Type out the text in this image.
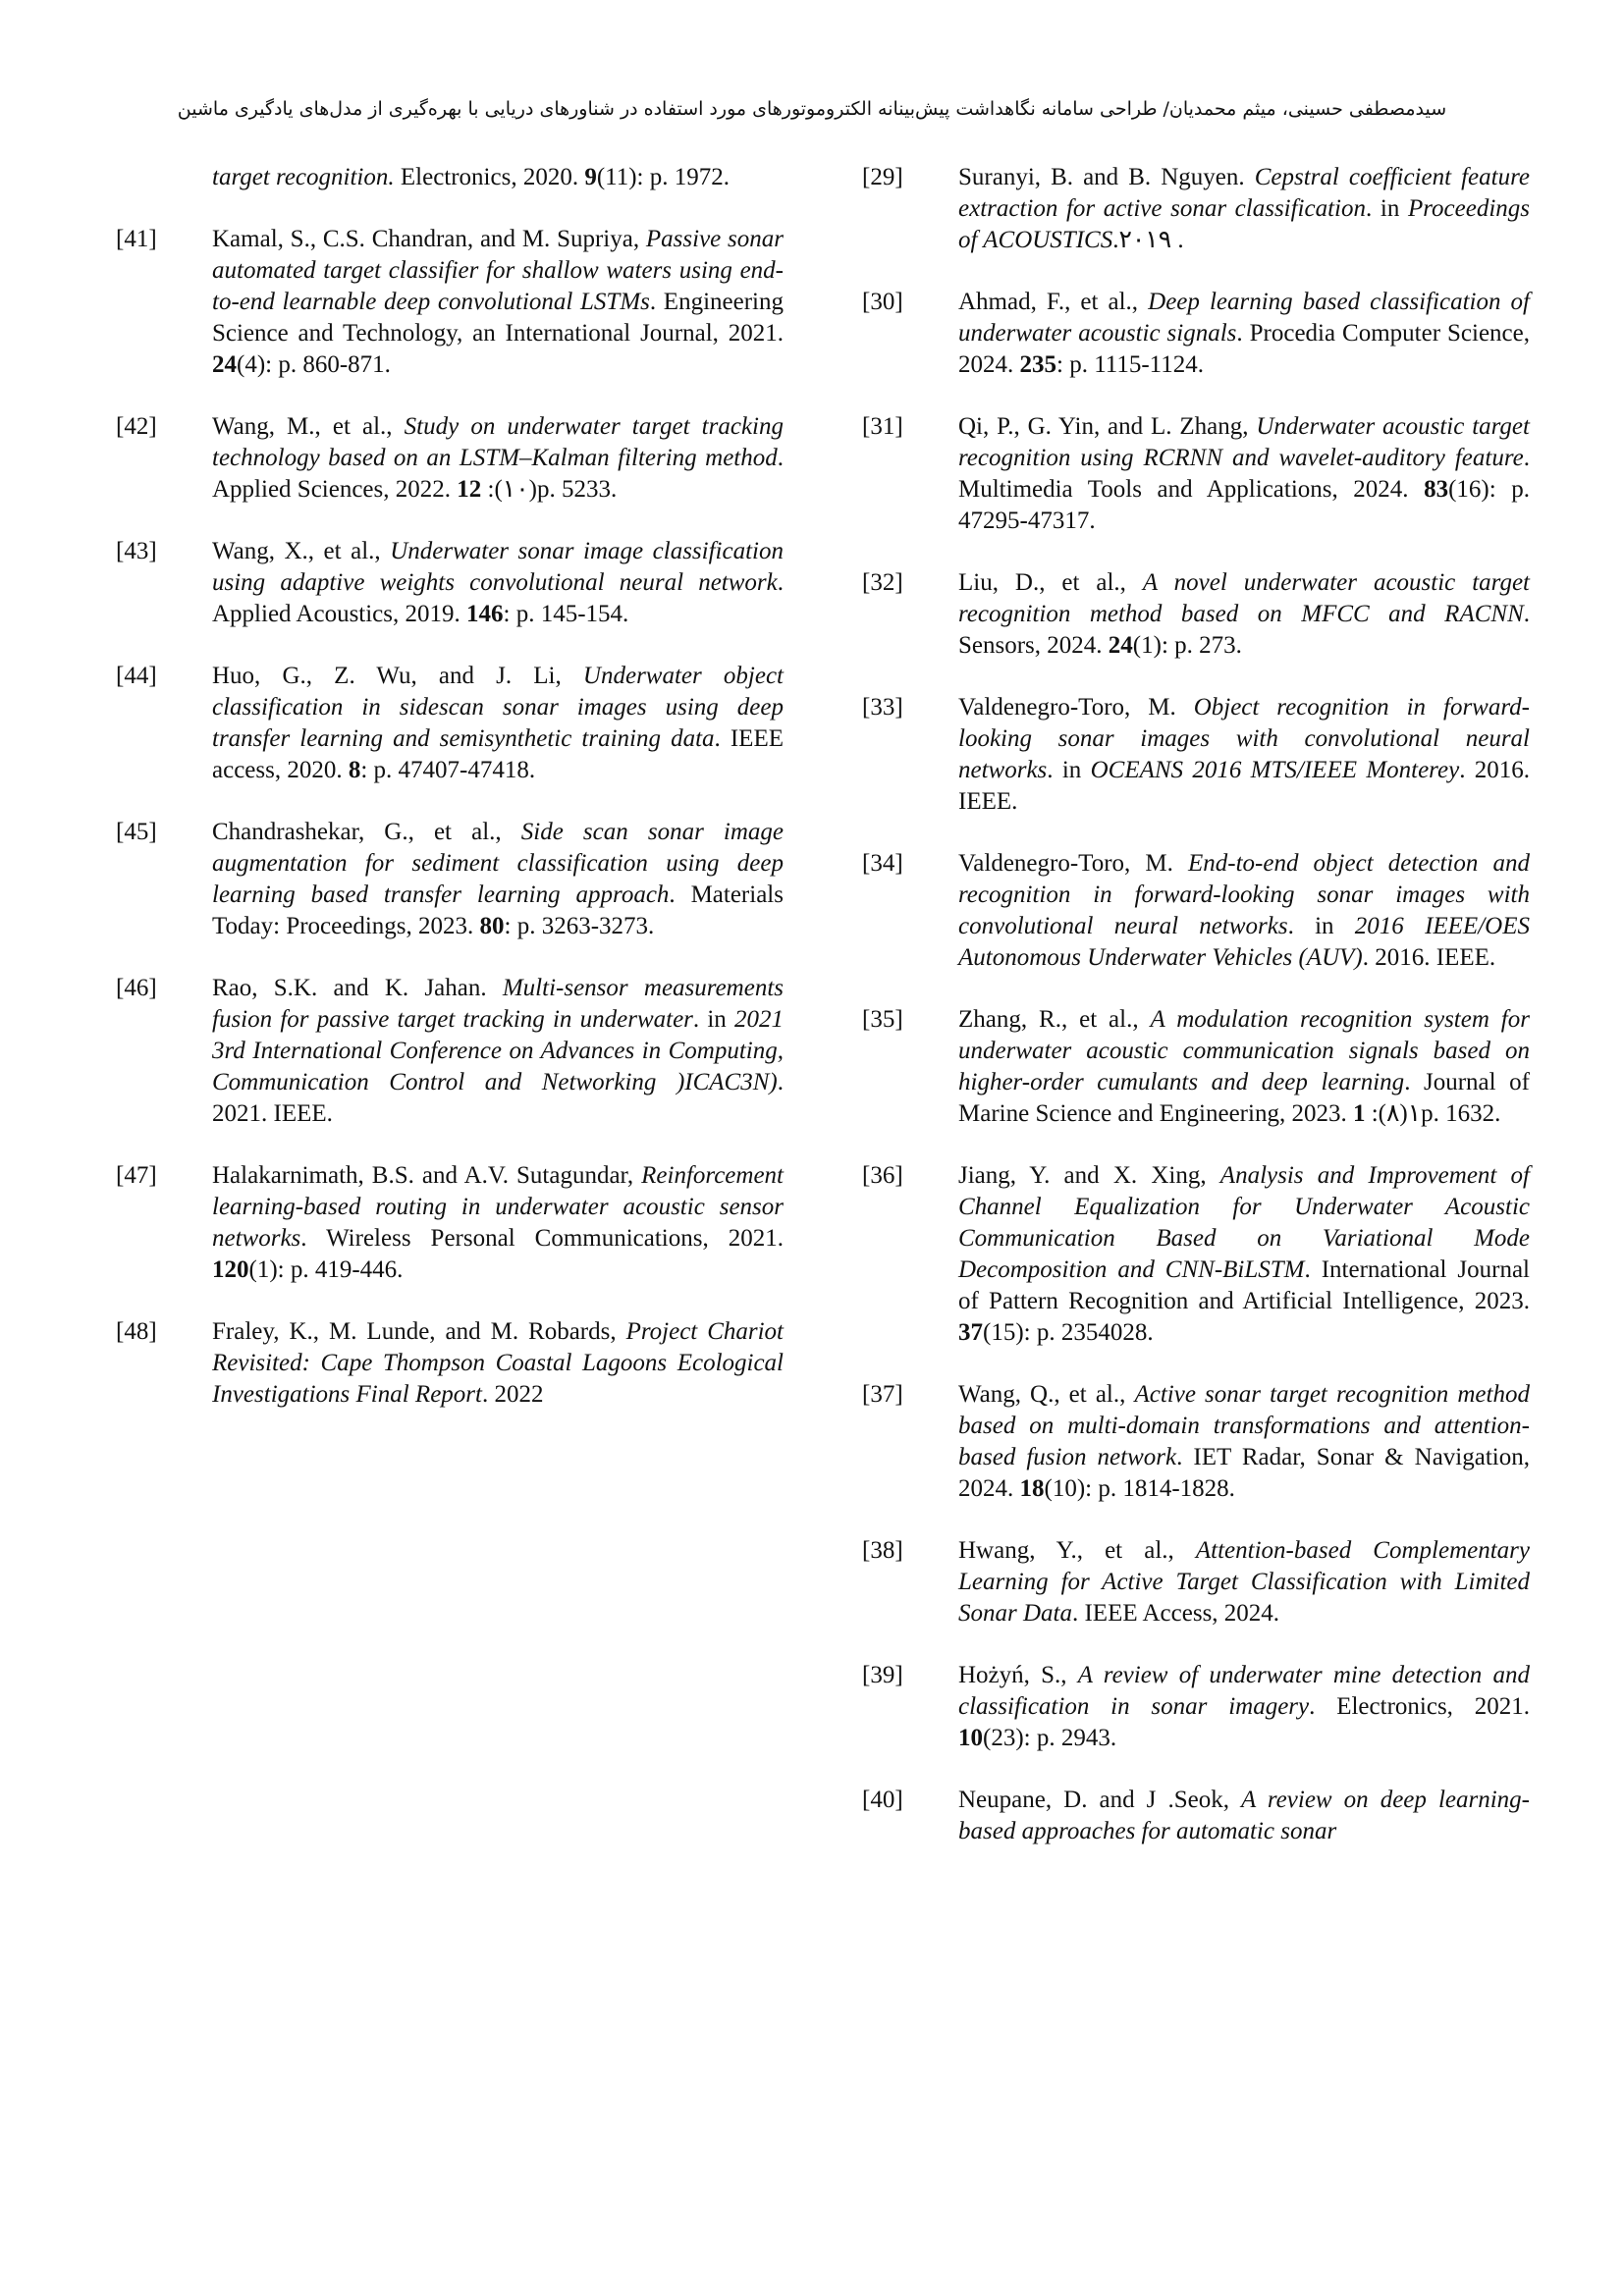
سیدمصطفی حسینی، میثم محمدیان/ طراحی سامانه نگاهداشت پیش‌بینانه الکتروموتورهای مورد استفاده در شناورهای دریایی با بهره‌گیری از مدل‌های یادگیری ماشین
target recognition. Electronics, 2020. 9(11): p. 1972.
[41]	Kamal, S., C.S. Chandran, and M. Supriya, Passive sonar automated target classifier for shallow waters using end-to-end learnable deep convolutional LSTMs. Engineering Science and Technology, an International Journal, 2021. 24(4): p. 860-871.
[42]	Wang, M., et al., Study on underwater target tracking technology based on an LSTM–Kalman filtering method. Applied Sciences, 2022. 12 :(۱۰)p. 5233.
[43]	Wang, X., et al., Underwater sonar image classification using adaptive weights convolutional neural network. Applied Acoustics, 2019. 146: p. 145-154.
[44]	Huo, G., Z. Wu, and J. Li, Underwater object classification in sidescan sonar images using deep transfer learning and semisynthetic training data. IEEE access, 2020. 8: p. 47407-47418.
[45]	Chandrashekar, G., et al., Side scan sonar image augmentation for sediment classification using deep learning based transfer learning approach. Materials Today: Proceedings, 2023. 80: p. 3263-3273.
[46]	Rao, S.K. and K. Jahan. Multi-sensor measurements fusion for passive target tracking in underwater. in 2021 3rd International Conference on Advances in Computing, Communication Control and Networking )ICAC3N). 2021. IEEE.
[47]	Halakarnimath, B.S. and A.V. Sutagundar, Reinforcement learning-based routing in underwater acoustic sensor networks. Wireless Personal Communications, 2021. 120(1): p. 419-446.
[48]	Fraley, K., M. Lunde, and M. Robards, Project Chariot Revisited: Cape Thompson Coastal Lagoons Ecological Investigations Final Report. 2022
[29]	Suranyi, B. and B. Nguyen. Cepstral coefficient feature extraction for active sonar classification. in Proceedings of ACOUSTICS.۲۰۱۹ .
[30]	Ahmad, F., et al., Deep learning based classification of underwater acoustic signals. Procedia Computer Science, 2024. 235: p. 1115-1124.
[31]	Qi, P., G. Yin, and L. Zhang, Underwater acoustic target recognition using RCRNN and wavelet-auditory feature. Multimedia Tools and Applications, 2024. 83(16): p. 47295-47317.
[32]	Liu, D., et al., A novel underwater acoustic target recognition method based on MFCC and RACNN. Sensors, 2024. 24(1): p. 273.
[33]	Valdenegro-Toro, M. Object recognition in forward-looking sonar images with convolutional neural networks. in OCEANS 2016 MTS/IEEE Monterey. 2016. IEEE.
[34]	Valdenegro-Toro, M. End-to-end object detection and recognition in forward-looking sonar images with convolutional neural networks. in 2016 IEEE/OES Autonomous Underwater Vehicles (AUV). 2016. IEEE.
[35]	Zhang, R., et al., A modulation recognition system for underwater acoustic communication signals based on higher-order cumulants and deep learning. Journal of Marine Science and Engineering, 2023. 1 :(۸)۱p. 1632.
[36]	Jiang, Y. and X. Xing, Analysis and Improvement of Channel Equalization for Underwater Acoustic Communication Based on Variational Mode Decomposition and CNN-BiLSTM. International Journal of Pattern Recognition and Artificial Intelligence, 2023. 37(15): p. 2354028.
[37]	Wang, Q., et al., Active sonar target recognition method based on multi-domain transformations and attention-based fusion network. IET Radar, Sonar & Navigation, 2024. 18(10): p. 1814-1828.
[38]	Hwang, Y., et al., Attention-based Complementary Learning for Active Target Classification with Limited Sonar Data. IEEE Access, 2024.
[39]	Hożyń, S., A review of underwater mine detection and classification in sonar imagery. Electronics, 2021. 10(23): p. 2943.
[40]	Neupane, D. and J .Seok, A review on deep learning-based approaches for automatic sonar
